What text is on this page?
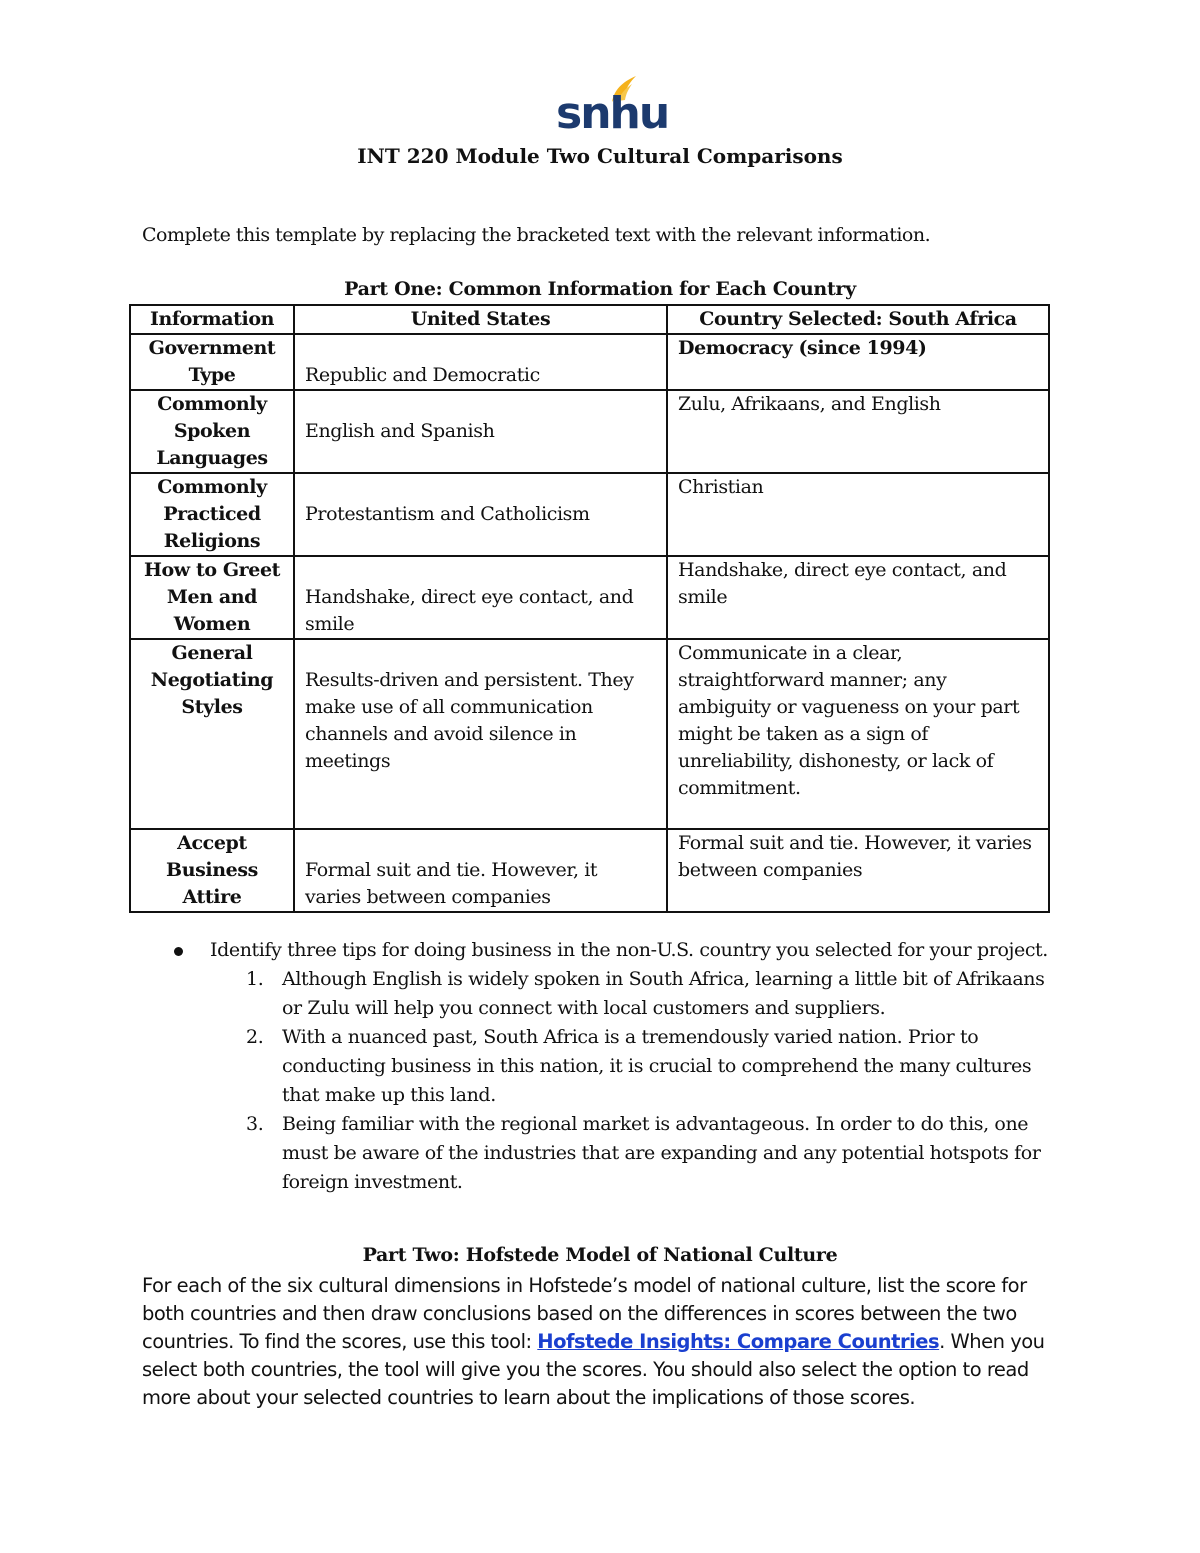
snhu
INT 220 Module Two Cultural Comparisons
Complete this template by replacing the bracketed text with the relevant information.
Part One: Common Information for Each Country
Information	United States	Country Selected: South Africa
Government Type	Republic and Democratic	Democracy (since 1994)
Commonly Spoken Languages	English and Spanish	Zulu, Afrikaans, and English
Commonly Practiced Religions	Protestantism and Catholicism	Christian
How to Greet Men and Women	Handshake, direct eye contact, and smile	Handshake, direct eye contact, and smile
General Negotiating Styles	Results-driven and persistent. They make use of all communication channels and avoid silence in meetings	Communicate in a clear, straightforward manner; any ambiguity or vagueness on your part might be taken as a sign of unreliability, dishonesty, or lack of commitment.
Accept Business Attire	Formal suit and tie. However, it varies between companies	Formal suit and tie. However, it varies between companies
Identify three tips for doing business in the non-U.S. country you selected for your project.
1. Although English is widely spoken in South Africa, learning a little bit of Afrikaans or Zulu will help you connect with local customers and suppliers.
2. With a nuanced past, South Africa is a tremendously varied nation. Prior to conducting business in this nation, it is crucial to comprehend the many cultures that make up this land.
3. Being familiar with the regional market is advantageous. In order to do this, one must be aware of the industries that are expanding and any potential hotspots for foreign investment.
Part Two: Hofstede Model of National Culture
For each of the six cultural dimensions in Hofstede’s model of national culture, list the score for both countries and then draw conclusions based on the differences in scores between the two countries. To find the scores, use this tool: Hofstede Insights: Compare Countries. When you select both countries, the tool will give you the scores. You should also select the option to read more about your selected countries to learn about the implications of those scores.
